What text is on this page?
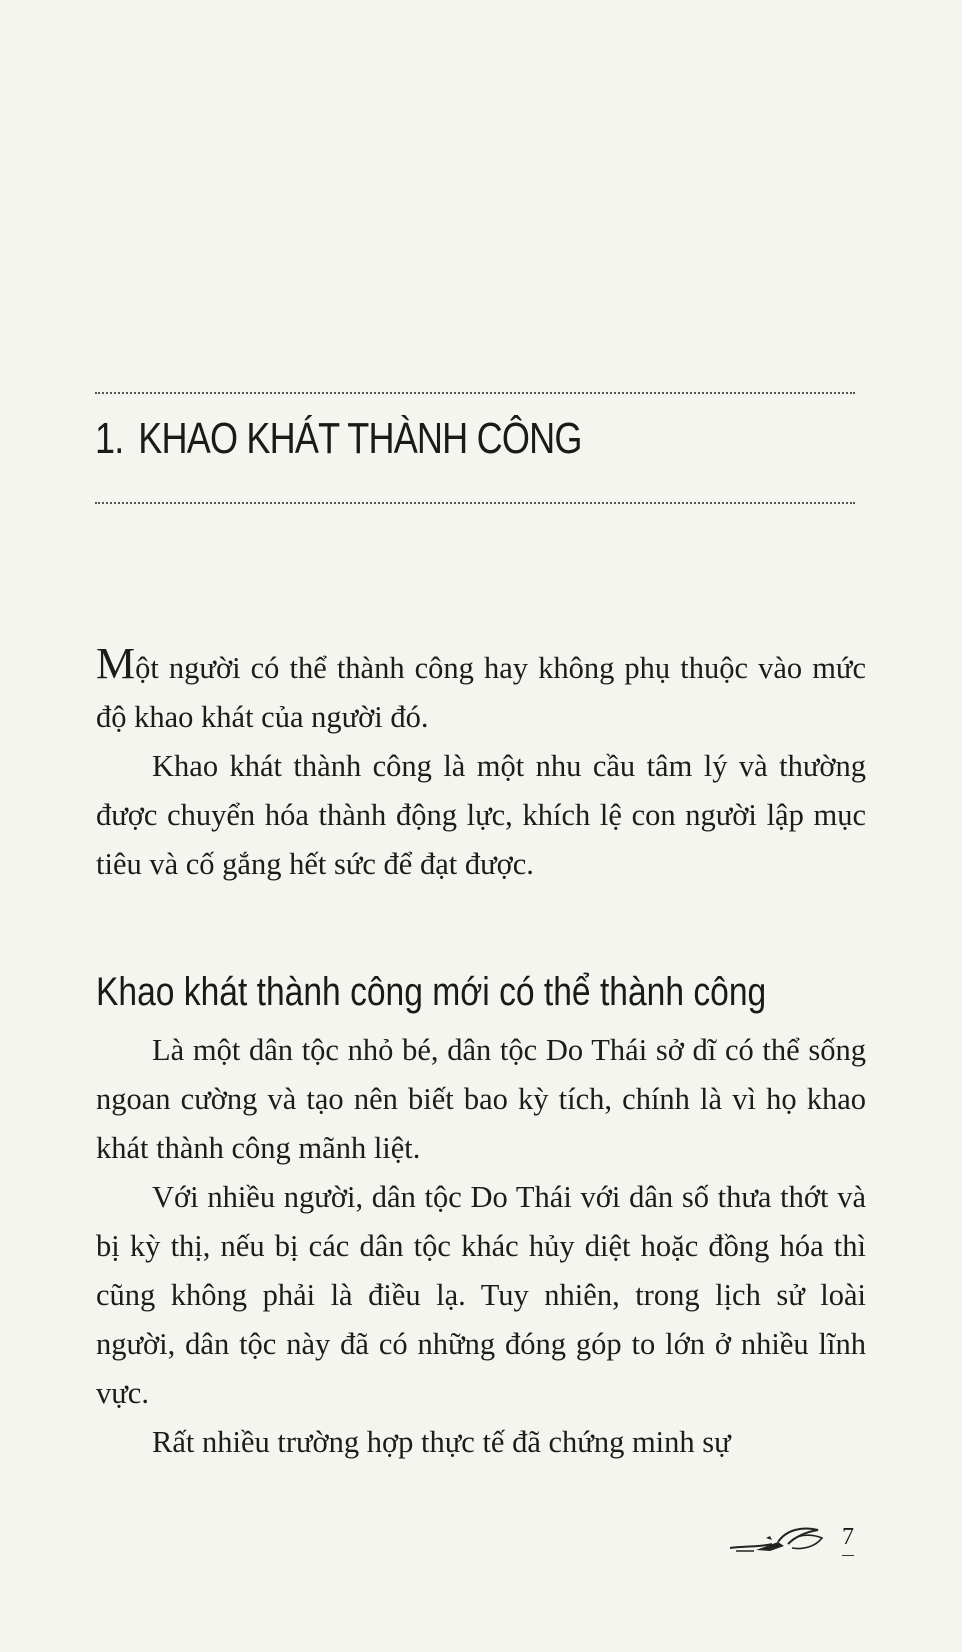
1. KHAO KHÁT THÀNH CÔNG

Một người có thể thành công hay không phụ thuộc vào mức độ khao khát của người đó.

Khao khát thành công là một nhu cầu tâm lý và thường được chuyển hóa thành động lực, khích lệ con người lập mục tiêu và cố gắng hết sức để đạt được.

Khao khát thành công mới có thể thành công

Là một dân tộc nhỏ bé, dân tộc Do Thái sở dĩ có thể sống ngoan cường và tạo nên biết bao kỳ tích, chính là vì họ khao khát thành công mãnh liệt.

Với nhiều người, dân tộc Do Thái với dân số thưa thớt và bị kỳ thị, nếu bị các dân tộc khác hủy diệt hoặc đồng hóa thì cũng không phải là điều lạ. Tuy nhiên, trong lịch sử loài người, dân tộc này đã có những đóng góp to lớn ở nhiều lĩnh vực.

Rất nhiều trường hợp thực tế đã chứng minh sự

7
